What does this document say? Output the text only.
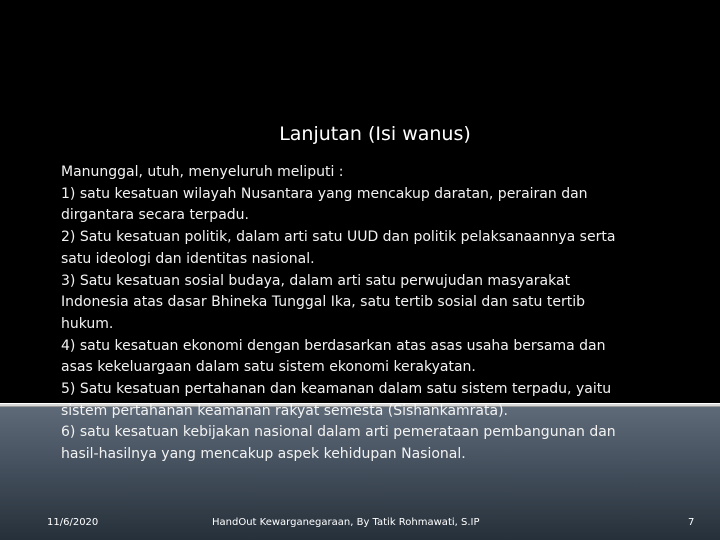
Lanjutan (Isi wanus)
Manunggal, utuh, menyeluruh meliputi :
1) satu kesatuan wilayah Nusantara yang mencakup daratan, perairan dan
dirgantara secara terpadu.
2) Satu kesatuan politik, dalam arti satu UUD dan politik pelaksanaannya serta
satu ideologi dan identitas nasional.
3) Satu kesatuan sosial budaya, dalam arti satu perwujudan masyarakat
Indonesia atas dasar Bhineka Tunggal Ika, satu tertib sosial dan satu tertib
hukum.
4) satu kesatuan ekonomi dengan berdasarkan atas asas usaha bersama dan
asas kekeluargaan dalam satu sistem ekonomi kerakyatan.
5) Satu kesatuan pertahanan dan keamanan dalam satu sistem terpadu, yaitu
sistem pertahanan keamanan rakyat semesta (Sishankamrata).
6) satu kesatuan kebijakan nasional dalam arti pemerataan pembangunan dan
hasil-hasilnya yang mencakup aspek kehidupan Nasional.
11/6/2020	HandOut Kewarganegaraan, By Tatik Rohmawati, S.IP	7
